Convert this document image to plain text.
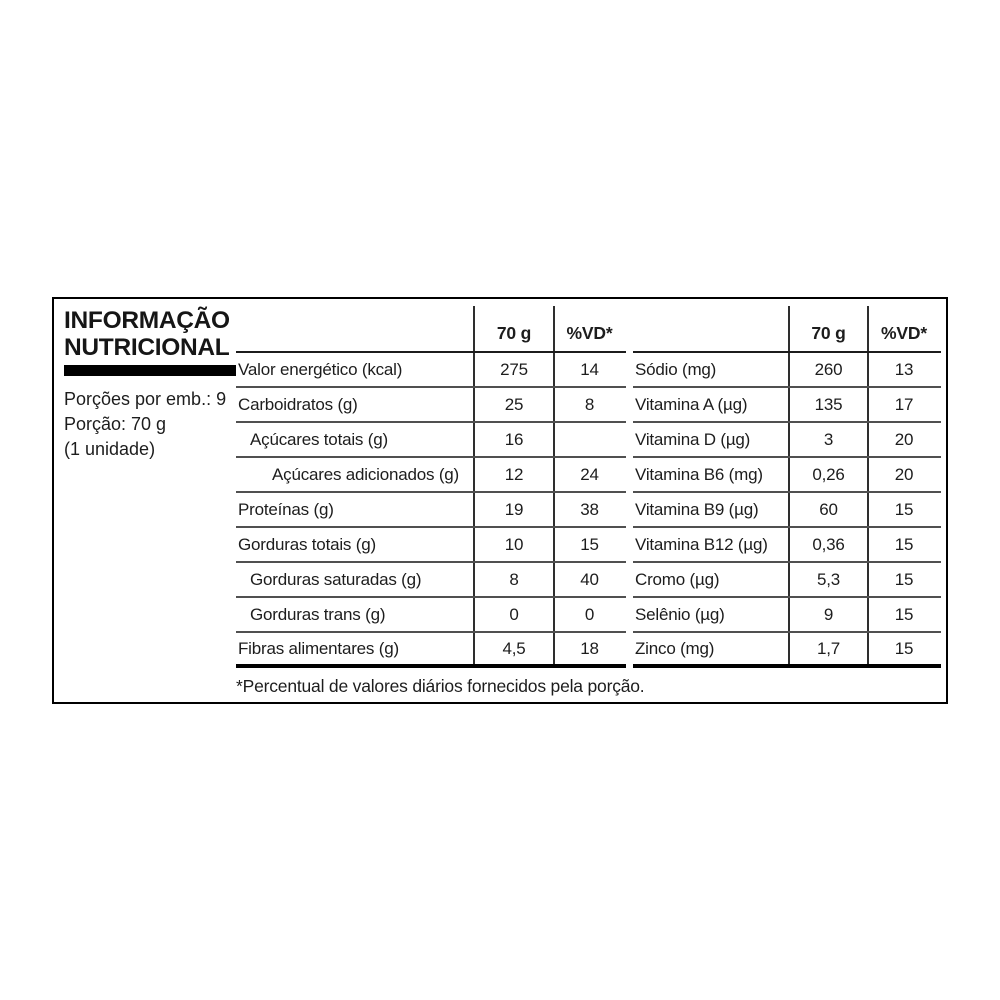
INFORMAÇÃO
NUTRICIONAL
Porções por emb.: 9
Porção: 70 g
(1 unidade)
70 g	%VD*
Valor energético (kcal)	275	14
Carboidratos (g)	25	8
Açúcares totais (g)	16
Açúcares adicionados (g)	12	24
Proteínas (g)	19	38
Gorduras totais (g)	10	15
Gorduras saturadas (g)	8	40
Gorduras trans (g)	0	0
Fibras alimentares (g)	4,5	18
70 g	%VD*
Sódio (mg)	260	13
Vitamina A (µg)	135	17
Vitamina D (µg)	3	20
Vitamina B6 (mg)	0,26	20
Vitamina B9 (µg)	60	15
Vitamina B12 (µg)	0,36	15
Cromo (µg)	5,3	15
Selênio (µg)	9	15
Zinco (mg)	1,7	15
*Percentual de valores diários fornecidos pela porção.
